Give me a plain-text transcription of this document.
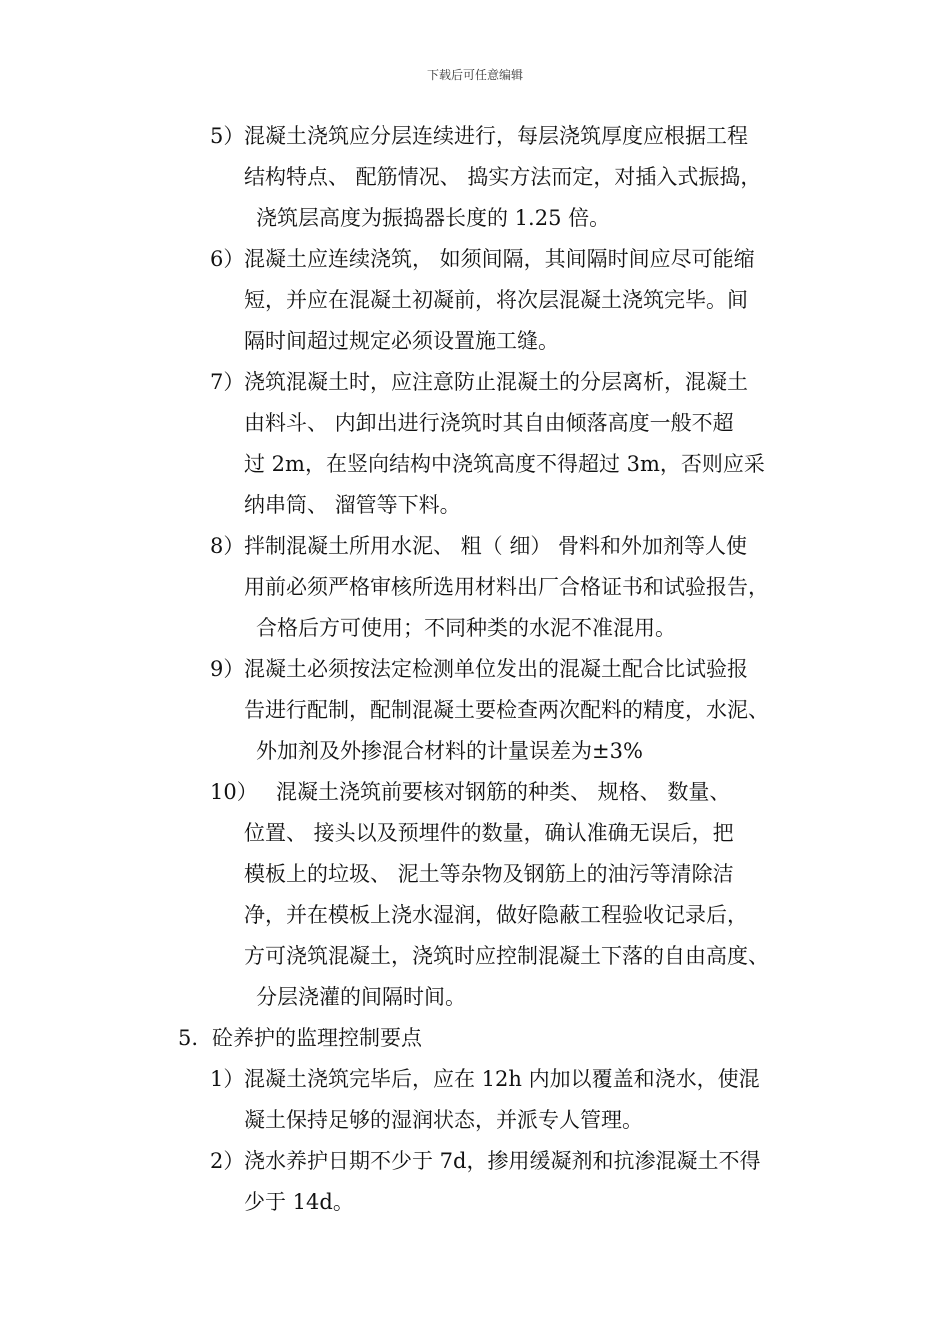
下载后可任意编辑
5） 混凝土浇筑应分层连续进行，每层浇筑厚度应根据工程
结构特点、 配筋情况、 捣实方法而定，对插入式振捣，
浇筑层高度为振捣器长度的 1.25 倍。
6） 混凝土应连续浇筑， 如须间隔，其间隔时间应尽可能缩
短，并应在混凝土初凝前，将次层混凝土浇筑完毕。间
隔时间超过规定必须设置施工缝。
7） 浇筑混凝土时，应注意防止混凝土的分层离析，混凝土
由料斗、 内卸出进行浇筑时其自由倾落高度一般不超
过 2m，在竖向结构中浇筑高度不得超过 3m，否则应采
纳串筒、 溜管等下料。
8） 拌制混凝土所用水泥、 粗（ 细） 骨料和外加剂等人使
用前必须严格审核所选用材料出厂合格证书和试验报告，
合格后方可使用；不同种类的水泥不准混用。
9） 混凝土必须按法定检测单位发出的混凝土配合比试验报
告进行配制，配制混凝土要检查两次配料的精度，水泥、
外加剂及外掺混合材料的计量误差为±3%
10） 混凝土浇筑前要核对钢筋的种类、 规格、 数量、
位置、 接头以及预埋件的数量，确认准确无误后，把
模板上的垃圾、 泥土等杂物及钢筋上的油污等清除洁
净，并在模板上浇水湿润，做好隐蔽工程验收记录后，
方可浇筑混凝土，浇筑时应控制混凝土下落的自由高度、
分层浇灌的间隔时间。
5. 砼养护的监理控制要点
1） 混凝土浇筑完毕后，应在 12h 内加以覆盖和浇水，使混
凝土保持足够的湿润状态，并派专人管理。
2） 浇水养护日期不少于 7d，掺用缓凝剂和抗渗混凝土不得
少于 14d。
